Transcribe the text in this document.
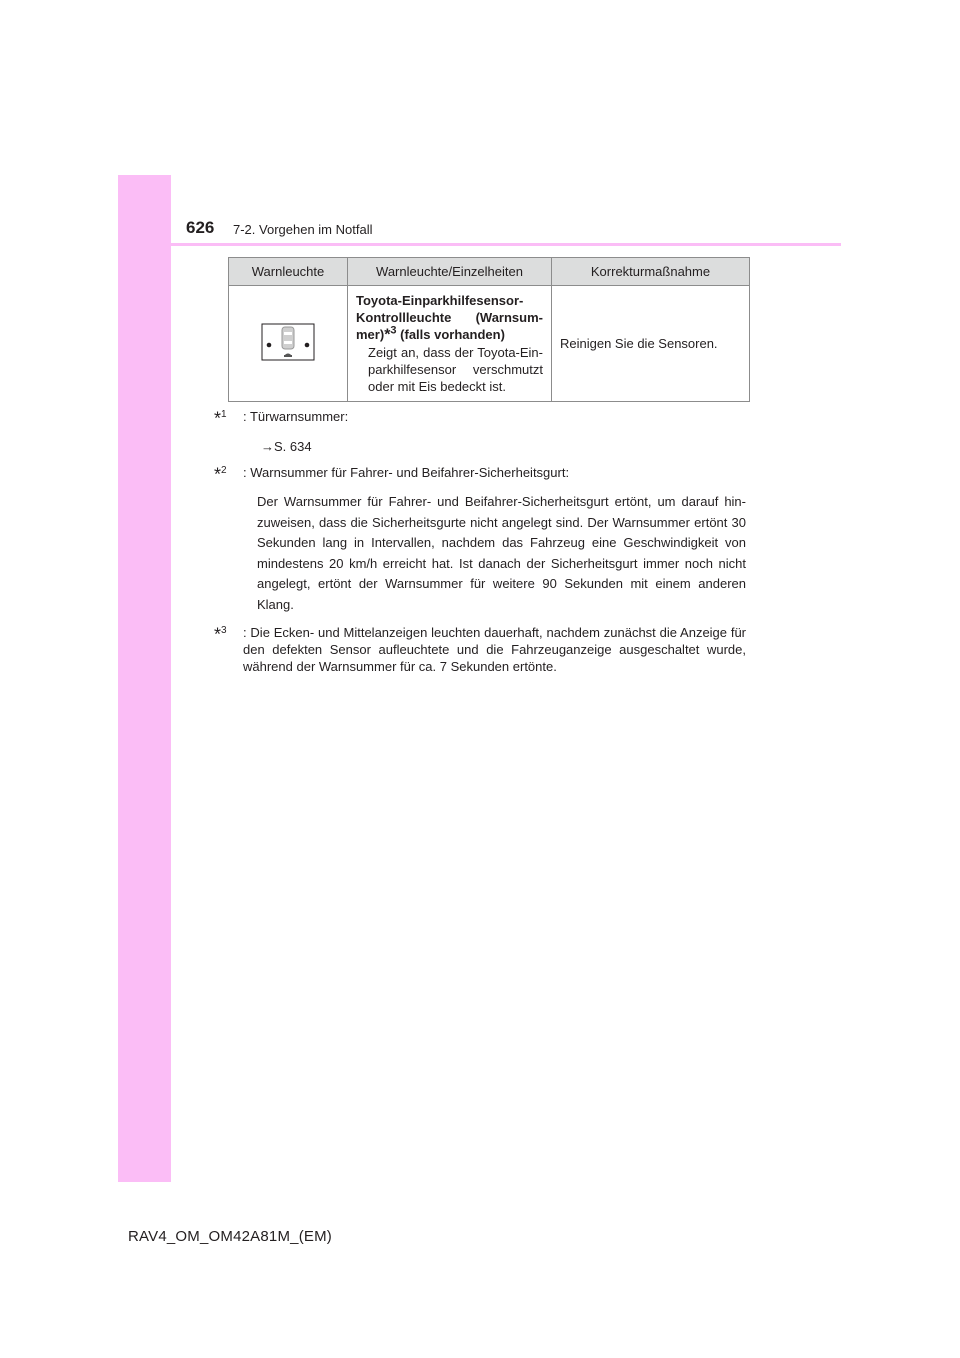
626 7-2. Vorgehen im Notfall
Warnleuchte	Warnleuchte/Einzelheiten	Korrekturmaßnahme

Toyota-Einparkhilfesensor-Kontrollleuchte (Warnsum-mer)*$^3$ (falls vorhanden)
Zeigt an, dass der Toyota-Ein-parkhilfesensor verschmutzt oder mit Eis bedeckt ist.	Reinigen Sie die Sensoren.
*$^1$ : Türwarnsummer:
→S. 634
*$^2$ : Warnsummer für Fahrer- und Beifahrer-Sicherheitsgurt:
Der Warnsummer für Fahrer- und Beifahrer-Sicherheitsgurt ertönt, um darauf hin-zuweisen, dass die Sicherheitsgurte nicht angelegt sind. Der Warnsummer ertönt 30 Sekunden lang in Intervallen, nachdem das Fahrzeug eine Geschwindigkeit von mindestens 20 km/h erreicht hat. Ist danach der Sicherheitsgurt immer noch nicht angelegt, ertönt der Warnsummer für weitere 90 Sekunden mit einem anderen Klang.
*$^3$ : Die Ecken- und Mittelanzeigen leuchten dauerhaft, nachdem zunächst die Anzeige für den defekten Sensor aufleuchtete und die Fahrzeuganzeige ausgeschaltet wurde, während der Warnsummer für ca. 7 Sekunden ertönte.
RAV4_OM_OM42A81M_(EM)
